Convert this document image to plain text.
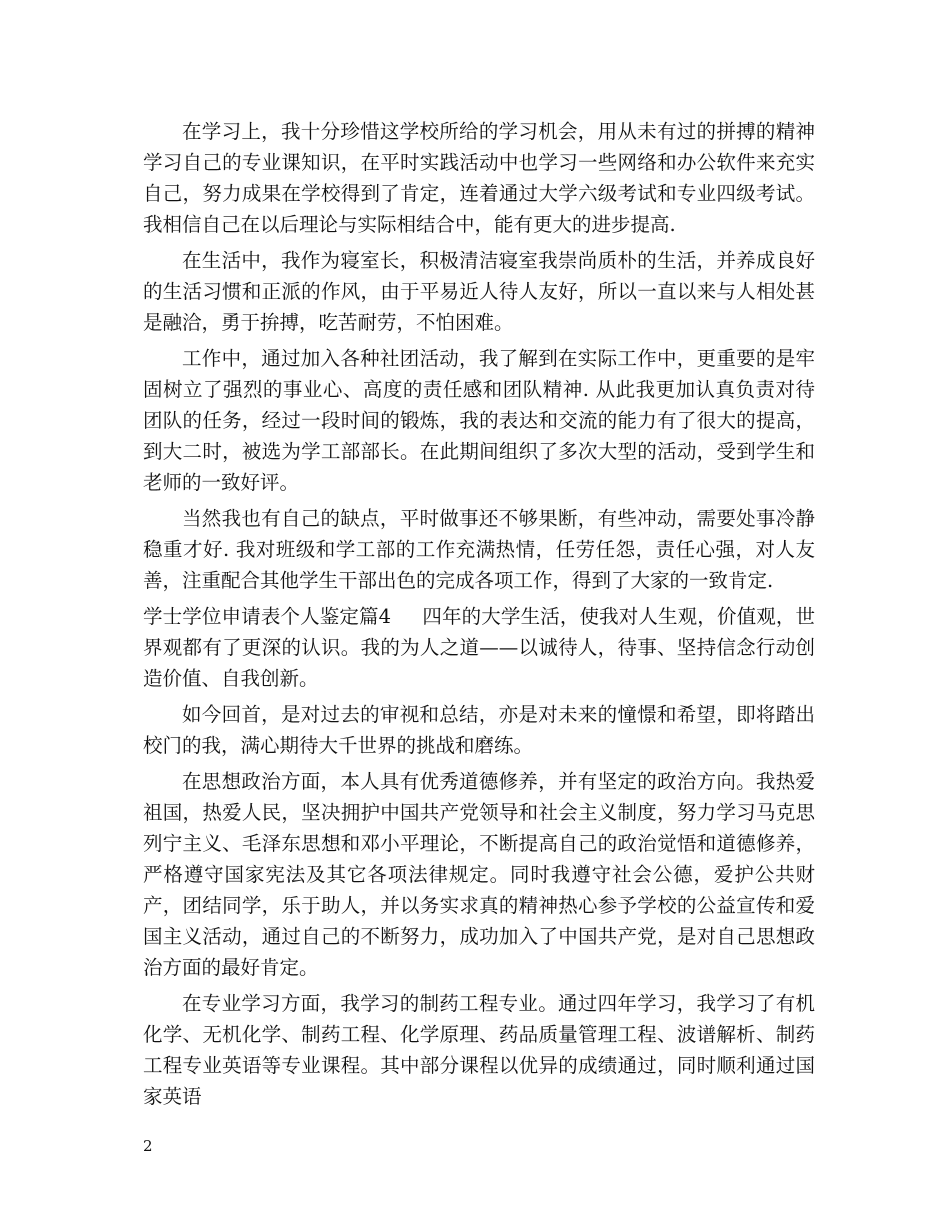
在学习上，我十分珍惜这学校所给的学习机会，用从未有过的拼搏的精神学习自己的专业课知识，在平时实践活动中也学习一些网络和办公软件来充实自己，努力成果在学校得到了肯定，连着通过大学六级考试和专业四级考试。我相信自己在以后理论与实际相结合中，能有更大的进步提高.

在生活中，我作为寝室长，积极清洁寝室我崇尚质朴的生活，并养成良好的生活习惯和正派的作风，由于平易近人待人友好，所以一直以来与人相处甚是融洽，勇于拚搏，吃苦耐劳，不怕困难。

工作中，通过加入各种社团活动，我了解到在实际工作中，更重要的是牢固树立了强烈的事业心、高度的责任感和团队精神. 从此我更加认真负责对待团队的任务，经过一段时间的锻炼，我的表达和交流的能力有了很大的提高，到大二时，被选为学工部部长。在此期间组织了多次大型的活动，受到学生和老师的一致好评。

当然我也有自己的缺点，平时做事还不够果断，有些冲动，需要处事冷静稳重才好. 我对班级和学工部的工作充满热情，任劳任怨，责任心强，对人友善，注重配合其他学生干部出色的完成各项工作，得到了大家的一致肯定.

学士学位申请表个人鉴定篇4 四年的大学生活，使我对人生观，价值观，世界观都有了更深的认识。我的为人之道——以诚待人，待事、坚持信念行动创造价值、自我创新。

如今回首，是对过去的审视和总结，亦是对未来的憧憬和希望，即将踏出校门的我，满心期待大千世界的挑战和磨练。

在思想政治方面，本人具有优秀道德修养，并有坚定的政治方向。我热爱祖国，热爱人民，坚决拥护中国共产党领导和社会主义制度，努力学习马克思列宁主义、毛泽东思想和邓小平理论，不断提高自己的政治觉悟和道德修养，严格遵守国家宪法及其它各项法律规定。同时我遵守社会公德，爱护公共财产，团结同学，乐于助人，并以务实求真的精神热心参予学校的公益宣传和爱国主义活动，通过自己的不断努力，成功加入了中国共产党，是对自己思想政治方面的最好肯定。

在专业学习方面，我学习的制药工程专业。通过四年学习，我学习了有机化学、无机化学、制药工程、化学原理、药品质量管理工程、波谱解析、制药工程专业英语等专业课程。其中部分课程以优异的成绩通过，同时顺利通过国家英语

2
